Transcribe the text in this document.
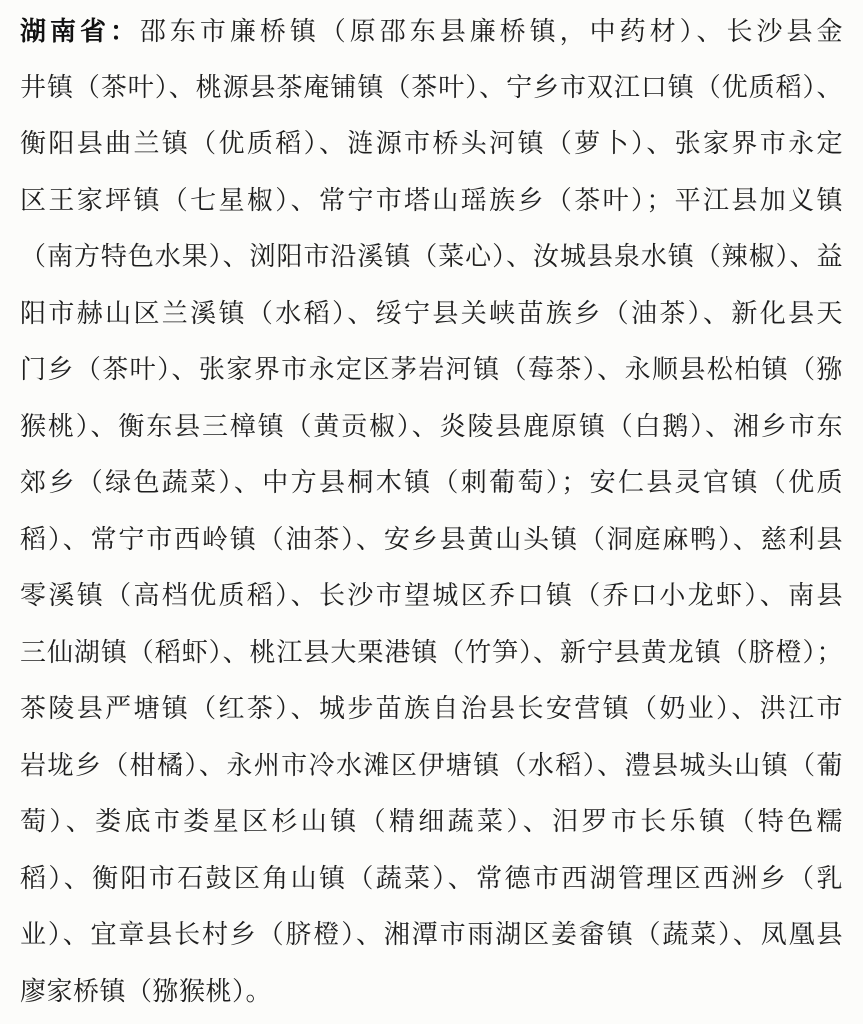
湖南省：邵东市廉桥镇（原邵东县廉桥镇，中药材）、长沙县金
井镇（茶叶）、桃源县茶庵铺镇（茶叶）、宁乡市双江口镇（优质稻）、
衡阳县曲兰镇（优质稻）、涟源市桥头河镇（萝卜）、张家界市永定
区王家坪镇（七星椒）、常宁市塔山瑶族乡（茶叶）；平江县加义镇
（南方特色水果）、浏阳市沿溪镇（菜心）、汝城县泉水镇（辣椒）、益
阳市赫山区兰溪镇（水稻）、绥宁县关峡苗族乡（油茶）、新化县天
门乡（茶叶）、张家界市永定区茅岩河镇（莓茶）、永顺县松柏镇（猕
猴桃）、衡东县三樟镇（黄贡椒）、炎陵县鹿原镇（白鹅）、湘乡市东
郊乡（绿色蔬菜）、中方县桐木镇（刺葡萄）；安仁县灵官镇（优质
稻）、常宁市西岭镇（油茶）、安乡县黄山头镇（洞庭麻鸭）、慈利县
零溪镇（高档优质稻）、长沙市望城区乔口镇（乔口小龙虾）、南县
三仙湖镇（稻虾）、桃江县大栗港镇（竹笋）、新宁县黄龙镇（脐橙）；
茶陵县严塘镇（红茶）、城步苗族自治县长安营镇（奶业）、洪江市
岩垅乡（柑橘）、永州市冷水滩区伊塘镇（水稻）、澧县城头山镇（葡
萄）、娄底市娄星区杉山镇（精细蔬菜）、汨罗市长乐镇（特色糯
稻）、衡阳市石鼓区角山镇（蔬菜）、常德市西湖管理区西洲乡（乳
业）、宜章县长村乡（脐橙）、湘潭市雨湖区姜畲镇（蔬菜）、凤凰县
廖家桥镇（猕猴桃）。
